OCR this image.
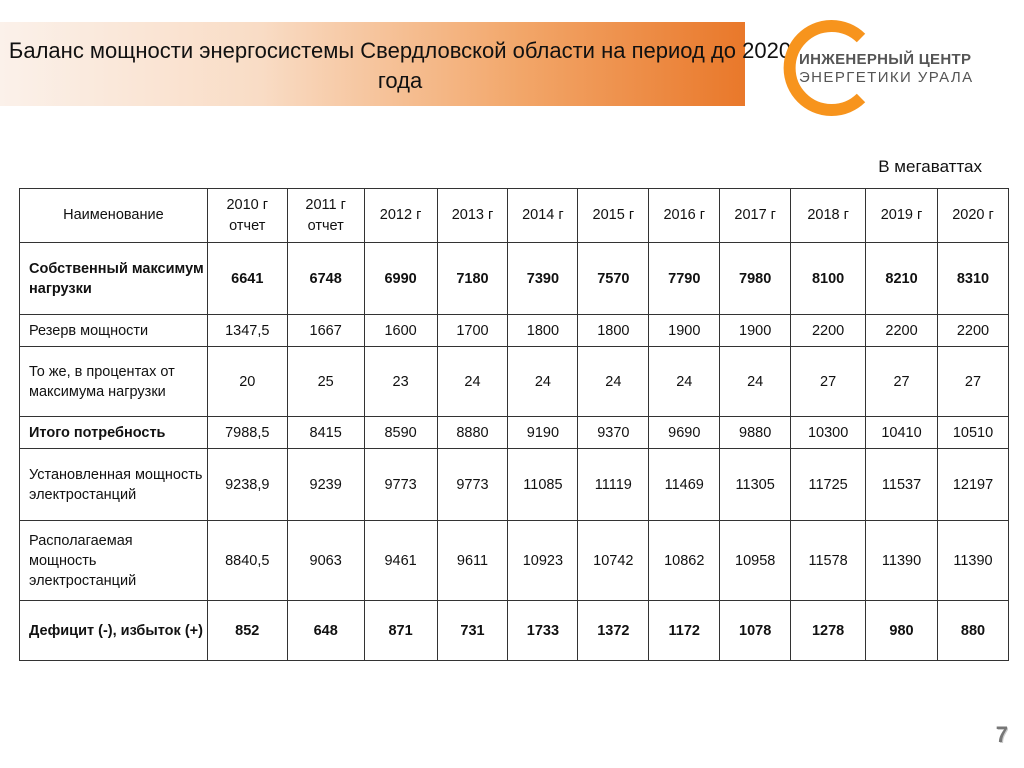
Баланс мощности энергосистемы Свердловской области на период до 2020 года
ИНЖЕНЕРНЫЙ ЦЕНТР
ЭНЕРГЕТИКИ УРАЛА
В мегаваттах
Наименование	2010 г отчет	2011 г отчет	2012 г	2013 г	2014 г	2015 г	2016 г	2017 г	2018 г	2019 г	2020 г
Собственный максимум нагрузки	6641	6748	6990	7180	7390	7570	7790	7980	8100	8210	8310
Резерв мощности	1347,5	1667	1600	1700	1800	1800	1900	1900	2200	2200	2200
То же, в процентах от максимума нагрузки	20	25	23	24	24	24	24	24	27	27	27
Итого потребность	7988,5	8415	8590	8880	9190	9370	9690	9880	10300	10410	10510
Установленная мощность электростанций	9238,9	9239	9773	9773	11085	11119	11469	11305	11725	11537	12197
Располагаемая мощность электростанций	8840,5	9063	9461	9611	10923	10742	10862	10958	11578	11390	11390
Дефицит (-), избыток (+)	852	648	871	731	1733	1372	1172	1078	1278	980	880
7
